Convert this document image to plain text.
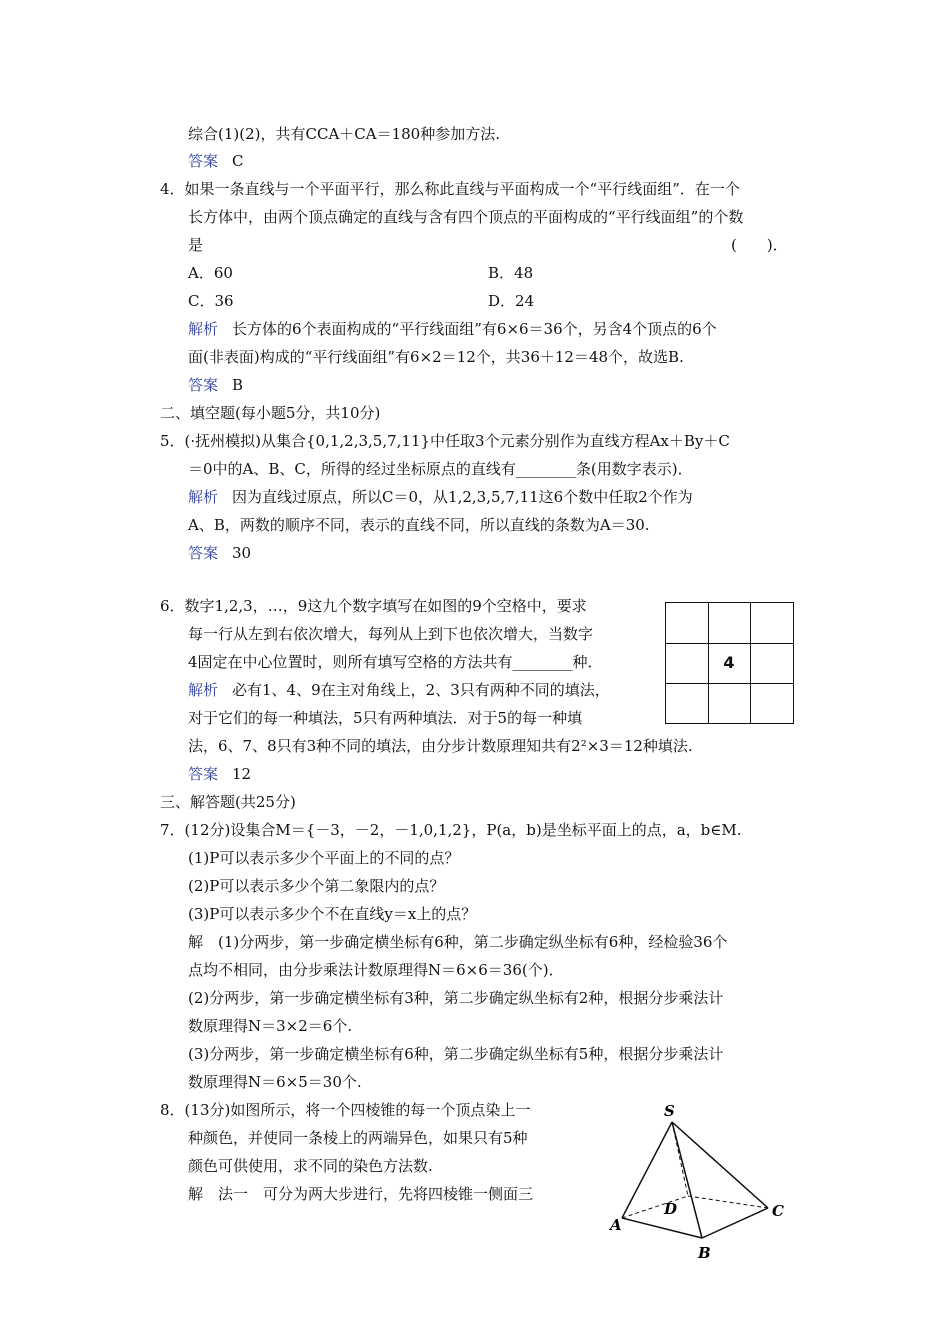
综合(1)(2)，共有CCA＋CA＝180种参加方法.
答案 C
4．如果一条直线与一个平面平行，那么称此直线与平面构成一个“平行线面组”．在一个
长方体中，由两个顶点确定的直线与含有四个顶点的平面构成的“平行线面组”的个数
是	(　　)．
A．60	B．48
C．36	D．24
解析 长方体的6个表面构成的“平行线面组”有6×6＝36个，另含4个顶点的6个
面(非表面)构成的“平行线面组”有6×2＝12个，共36＋12＝48个，故选B.
答案 B
二、填空题(每小题5分，共10分)
5．(·抚州模拟)从集合{0,1,2,3,5,7,11}中任取3个元素分别作为直线方程Ax＋By＋C
＝0中的A、B、C，所得的经过坐标原点的直线有________条(用数字表示)．
解析 因为直线过原点，所以C＝0，从1,2,3,5,7,11这6个数中任取2个作为
A、B，两数的顺序不同，表示的直线不同，所以直线的条数为A＝30.
答案 30
6．数字1,2,3，…，9这九个数字填写在如图的9个空格中，要求
每一行从左到右依次增大，每列从上到下也依次增大，当数字
4固定在中心位置时，则所有填写空格的方法共有________种．
解析 必有1、4、9在主对角线上，2、3只有两种不同的填法，
对于它们的每一种填法，5只有两种填法．对于5的每一种填
法，6、7、8只有3种不同的填法，由分步计数原理知共有2²×3＝12种填法.
答案 12
4
三、解答题(共25分)
7．(12分)设集合M＝{－3，－2，－1,0,1,2}，P(a，b)是坐标平面上的点，a，b∈M.
(1)P可以表示多少个平面上的不同的点？
(2)P可以表示多少个第二象限内的点？
(3)P可以表示多少个不在直线y＝x上的点？
解　(1)分两步，第一步确定横坐标有6种，第二步确定纵坐标有6种，经检验36个
点均不相同，由分步乘法计数原理得N＝6×6＝36(个)．
(2)分两步，第一步确定横坐标有3种，第二步确定纵坐标有2种，根据分步乘法计
数原理得N＝3×2＝6个.
(3)分两步，第一步确定横坐标有6种，第二步确定纵坐标有5种，根据分步乘法计
数原理得N＝6×5＝30个.
8．(13分)如图所示，将一个四棱锥的每一个顶点染上一
种颜色，并使同一条棱上的两端异色，如果只有5种
颜色可供使用，求不同的染色方法数.
解　法一　可分为两大步进行，先将四棱锥一侧面三
S
A
B
C
D
